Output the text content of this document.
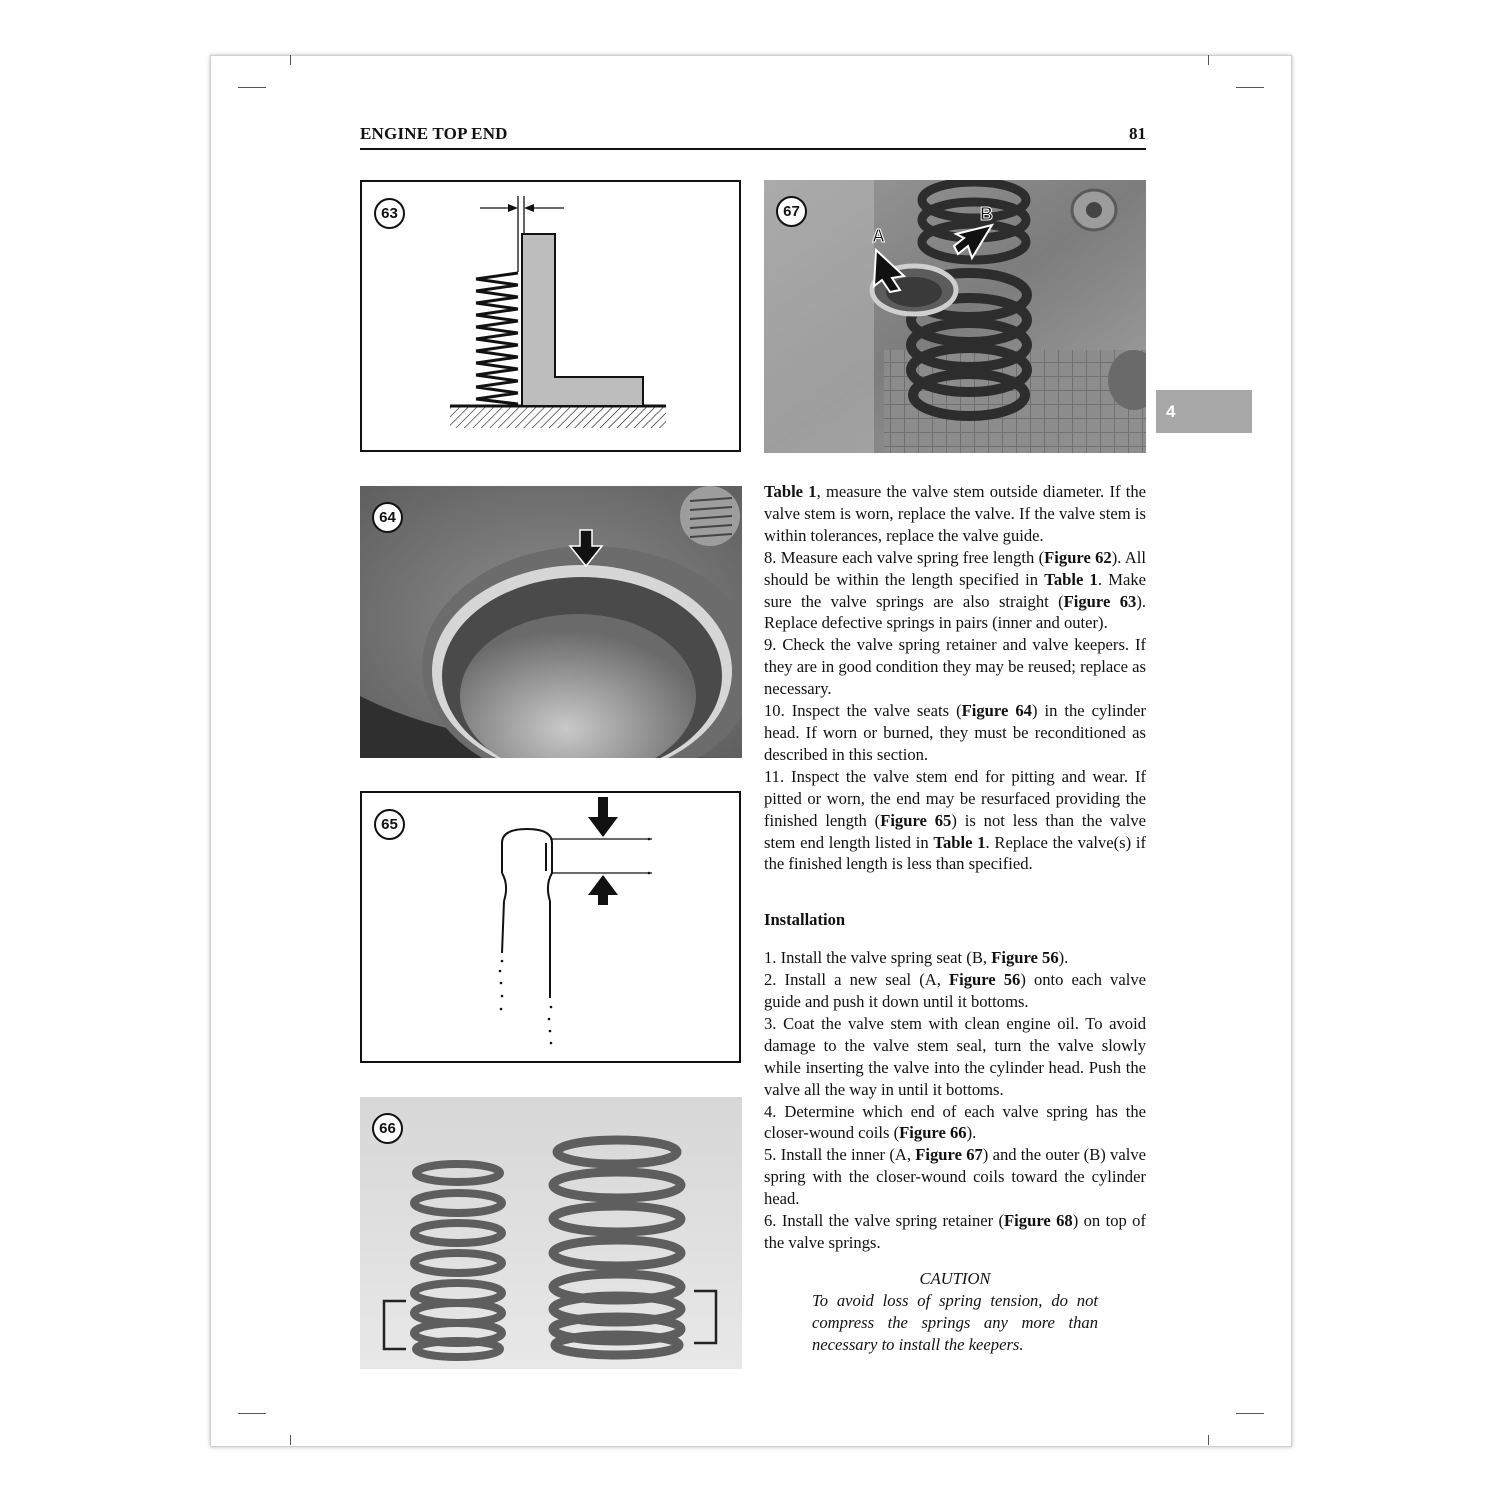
ENGINE TOP END	81
63
A
B
67
4
64
65
66

Table 1, measure the valve stem outside diameter. If the valve stem is worn, replace the valve. If the valve stem is within tolerances, replace the valve guide.

8. Measure each valve spring free length (Figure 62). All should be within the length specified in Table 1. Make sure the valve springs are also straight (Figure 63). Replace defective springs in pairs (inner and outer).

9. Check the valve spring retainer and valve keepers. If they are in good condition they may be reused; replace as necessary.

10. Inspect the valve seats (Figure 64) in the cylinder head. If worn or burned, they must be reconditioned as described in this section.

11. Inspect the valve stem end for pitting and wear. If pitted or worn, the end may be resurfaced providing the finished length (Figure 65) is not less than the valve stem end length listed in Table 1. Replace the valve(s) if the finished length is less than specified.

Installation

1. Install the valve spring seat (B, Figure 56).

2. Install a new seal (A, Figure 56) onto each valve guide and push it down until it bottoms.

3. Coat the valve stem with clean engine oil. To avoid damage to the valve stem seal, turn the valve slowly while inserting the valve into the cylinder head. Push the valve all the way in until it bottoms.

4. Determine which end of each valve spring has the closer-wound coils (Figure 66).

5. Install the inner (A, Figure 67) and the outer (B) valve spring with the closer-wound coils toward the cylinder head.

6. Install the valve spring retainer (Figure 68) on top of the valve springs.

CAUTION

To avoid loss of spring tension, do not compress the springs any more than necessary to install the keepers.
